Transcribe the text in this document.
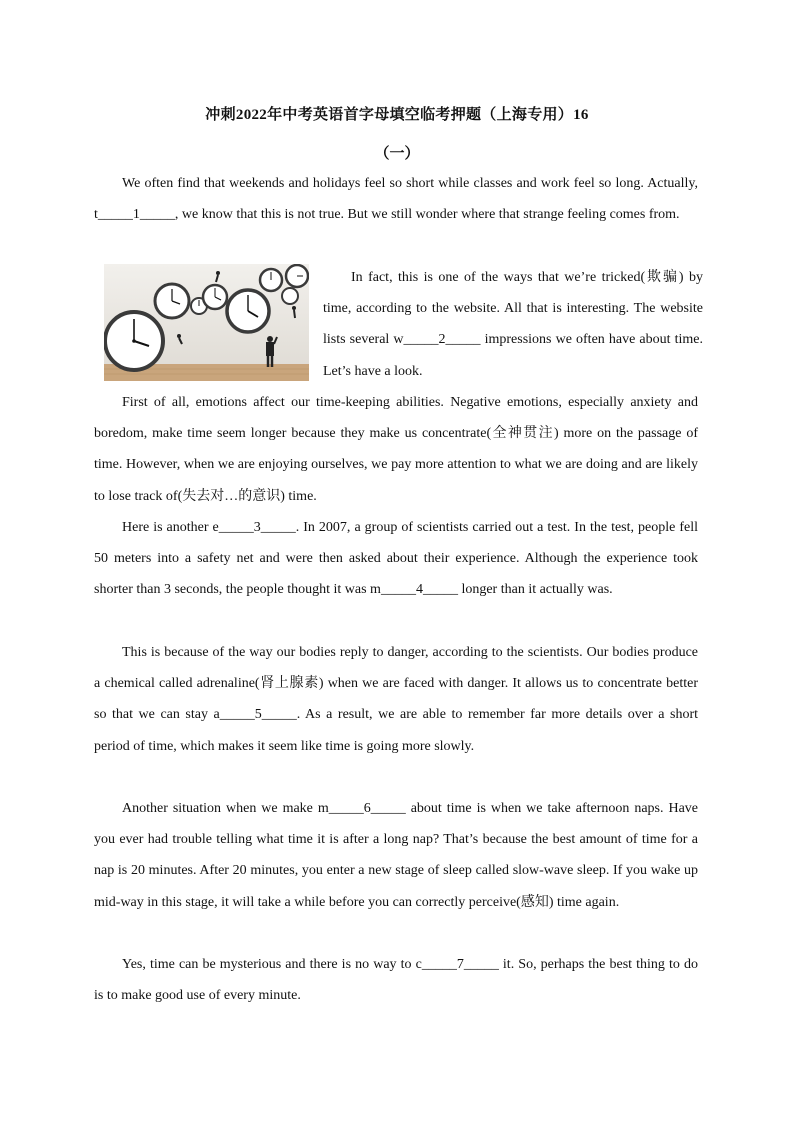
冲刺2022年中考英语首字母填空临考押题（上海专用）16
（一）

We often find that weekends and holidays feel so short while classes and work feel so long. Actually, t_____1_____, we know that this is not true. But we still wonder where that strange feeling comes from.

In fact, this is one of the ways that we’re tricked(欺骗) by time, according to the website. All that is interesting. The website lists several w_____2_____ impressions we often have about time. Let’s have a look.

First of all, emotions affect our time-keeping abilities. Negative emotions, especially anxiety and boredom, make time seem longer because they make us concentrate(全神贯注) more on the passage of time. However, when we are enjoying ourselves, we pay more attention to what we are doing and are likely to lose track of(失去对…的意识) time.

Here is another e_____3_____. In 2007, a group of scientists carried out a test. In the test, people fell 50 meters into a safety net and were then asked about their experience. Although the experience took shorter than 3 seconds, the people thought it was m_____4_____ longer than it actually was.

This is because of the way our bodies reply to danger, according to the scientists. Our bodies produce a chemical called adrenaline(肾上腺素) when we are faced with danger. It allows us to concentrate better so that we can stay a_____5_____. As a result, we are able to remember far more details over a short period of time, which makes it seem like time is going more slowly.

Another situation when we make m_____6_____ about time is when we take afternoon naps. Have you ever had trouble telling what time it is after a long nap? That’s because the best amount of time for a nap is 20 minutes. After 20 minutes, you enter a new stage of sleep called slow-wave sleep. If you wake up mid-way in this stage, it will take a while before you can correctly perceive(感知) time again.

Yes, time can be mysterious and there is no way to c_____7_____ it. So, perhaps the best thing to do is to make good use of every minute.
